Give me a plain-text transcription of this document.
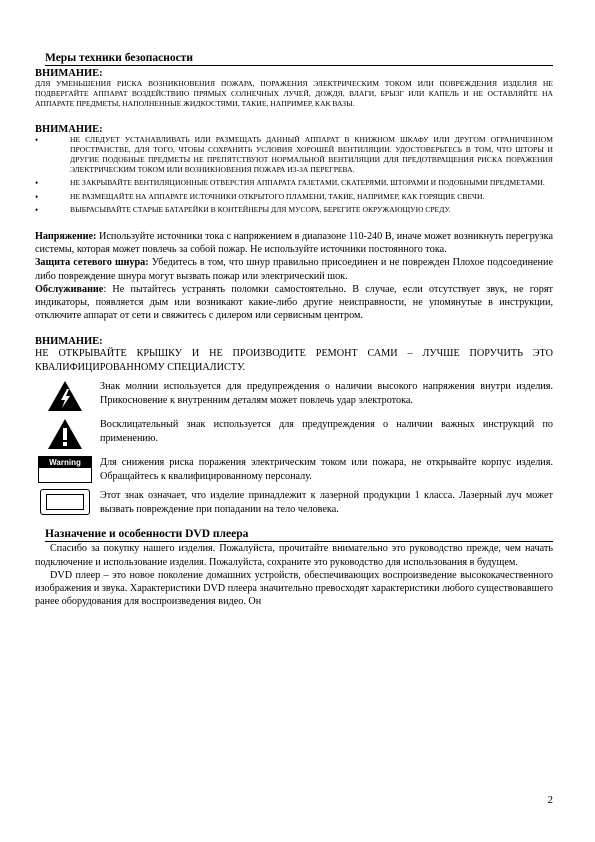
Меры техники безопасности
ВНИМАНИЕ:
ДЛЯ УМЕНЬШЕНИЯ РИСКА ВОЗНИКНОВЕНИЯ ПОЖАРА, ПОРАЖЕНИЯ ЭЛЕКТРИЧЕСКИМ ТОКОМ ИЛИ ПОВРЕЖДЕНИЯ ИЗДЕЛИЯ НЕ ПОДВЕРГАЙТЕ АППАРАТ ВОЗДЕЙСТВИЮ ПРЯМЫХ СОЛНЕЧНЫХ ЛУЧЕЙ, ДОЖДЯ, ВЛАГИ, БРЫЗГ ИЛИ КАПЕЛЬ И НЕ ОСТАВЛЯЙТЕ НА АППАРАТЕ ПРЕДМЕТЫ, НАПОЛНЕННЫЕ ЖИДКОСТЯМИ, ТАКИЕ, НАПРИМЕР, КАК ВАЗЫ.
ВНИМАНИЕ:
•	НЕ СЛЕДУЕТ УСТАНАВЛИВАТЬ ИЛИ РАЗМЕЩАТЬ ДАННЫЙ АППАРАТ В КНИЖНОМ ШКАФУ ИЛИ ДРУГОМ ОГРАНИЧЕННОМ ПРОСТРАНСТВЕ, ДЛЯ ТОГО, ЧТОБЫ СОХРАНИТЬ УСЛОВИЯ ХОРОШЕЙ ВЕНТИЛЯЦИИ. УДОСТОВЕРЬТЕСЬ В ТОМ, ЧТО ШТОРЫ И ДРУГИЕ ПОДОБНЫЕ ПРЕДМЕТЫ НЕ ПРЕПЯТСТВУЮТ НОРМАЛЬНОЙ ВЕНТИЛЯЦИИ ДЛЯ ПРЕДОТВРАЩЕНИЯ РИСКА ПОРАЖЕНИЯ ЭЛЕКТРИЧЕСКИМ ТОКОМ ИЛИ ВОЗНИКНОВЕНИЯ ПОЖАРА ИЗ-ЗА ПЕРЕГРЕВА.
•	НЕ ЗАКРЫВАЙТЕ ВЕНТИЛЯЦИОННЫЕ ОТВЕРСТИЯ АППАРАТА ГАЗЕТАМИ, СКАТЕРЯМИ, ШТОРАМИ И ПОДОБНЫМИ ПРЕДМЕТАМИ.
•	НЕ РАЗМЕЩАЙТЕ НА АППАРАТЕ ИСТОЧНИКИ ОТКРЫТОГО ПЛАМЕНИ, ТАКИЕ, НАПРИМЕР, КАК ГОРЯЩИЕ СВЕЧИ.
•	ВЫБРАСЫВАЙТЕ СТАРЫЕ БАТАРЕЙКИ В КОНТЕЙНЕРЫ ДЛЯ МУСОРА, БЕРЕГИТЕ ОКРУЖАЮЩУЮ СРЕДУ.

Напряжение: Используйте источники тока с напряжением в диапазоне 110-240 В, иначе может возникнуть перегрузка системы, которая может повлечь за собой пожар. Не используйте источники постоянного тока.

Защита сетевого шнура: Убедитесь в том, что шнур правильно присоединен и не поврежден Плохое подсоединение либо повреждение шнура могут вызвать пожар или электрический шок.

Обслуживание: Не пытайтесь устранять поломки самостоятельно. В случае, если отсутствует звук, не горят индикаторы, появляется дым или возникают какие-либо другие неисправности, не упомянутые в инструкции, отключите аппарат от сети и свяжитесь с дилером или сервисным центром.

ВНИМАНИЕ:
НЕ ОТКРЫВАЙТЕ КРЫШКУ И НЕ ПРОИЗВОДИТЕ РЕМОНТ САМИ – ЛУЧШЕ ПОРУЧИТЬ ЭТО КВАЛИФИЦИРОВАННОМУ СПЕЦИАЛИСТУ.
Знак молнии используется для предупреждения о наличии высокого напряжения внутри изделия. Прикосновение к внутренним деталям может повлечь удар электротока.
Восклицательный знак используется для предупреждения о наличии важных инструкций по применению.
Warning	Для снижения риска поражения электрическим током или пожара, не открывайте корпус изделия. Обращайтесь к квалифицированному персоналу.
Этот знак означает, что изделие принадлежит к лазерной продукции 1 класса. Лазерный луч может вызвать повреждение при попадании на тело человека.
Назначение и особенности DVD плеера

Спасибо за покупку нашего изделия. Пожалуйста, прочитайте внимательно это руководство прежде, чем начать подключение и использование изделия. Пожалуйста, сохраните это руководство для использования в будущем.

DVD плеер – это новое поколение домашних устройств, обеспечивающих воспроизведение высококачественного изображения и звука. Характеристики DVD плеера значительно превосходят характеристики любого существовавшего ранее оборудования для воспроизведения видео. Он

2
